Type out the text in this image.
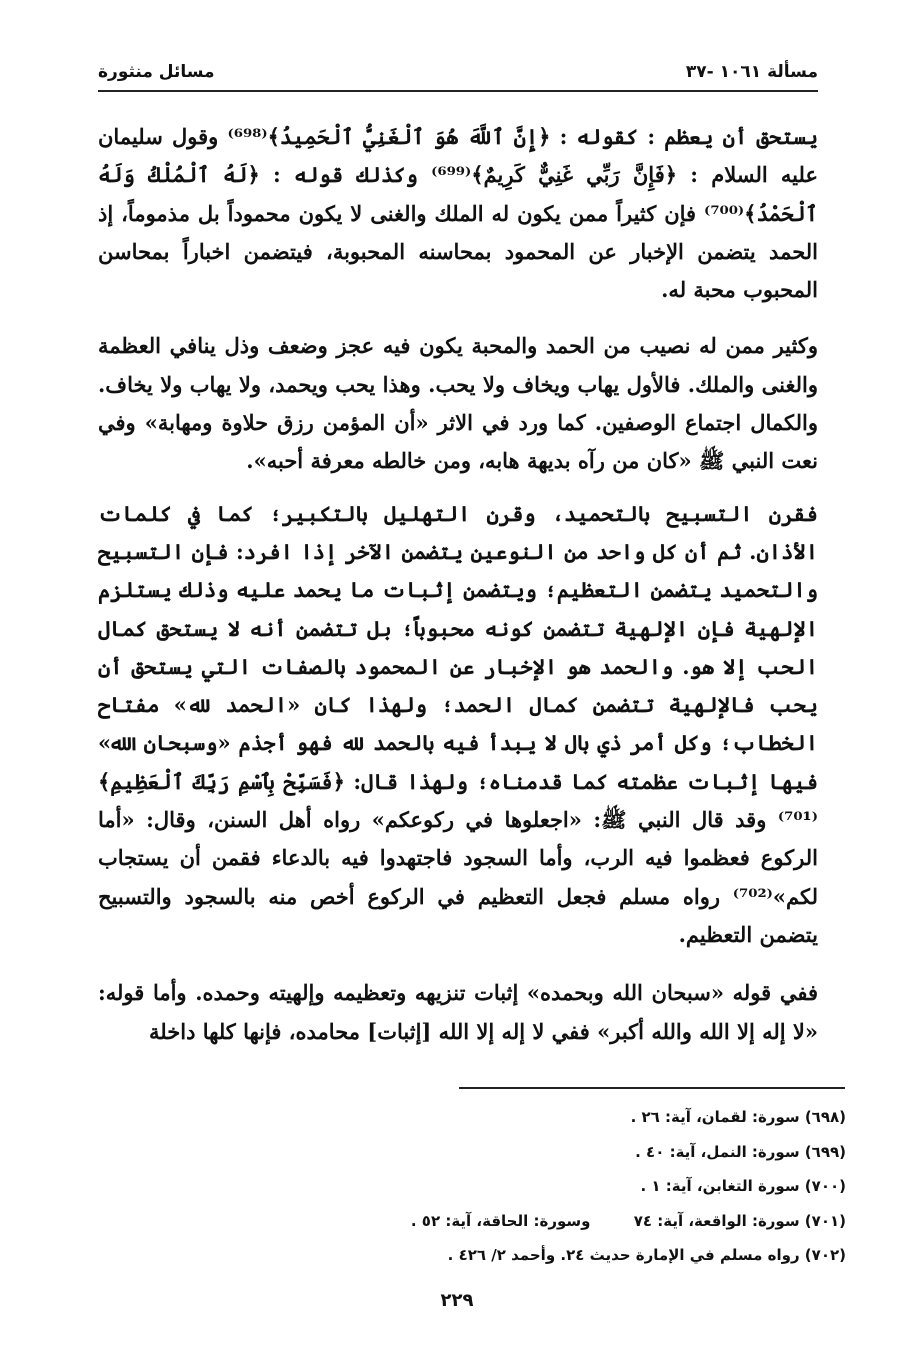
مسألة ١٠٦١ -٣٧
مسائل منثورة

يستحق أن يعظم : كقوله : ﴿إِنَّ ٱللَّهَ هُوَ ٱلْغَنِيُّ ٱلْحَمِيدُ﴾⁽⁶⁹⁸⁾ وقول سليمان عليه السلام : ﴿فَإِنَّ رَبِّي غَنِيٌّ كَرِيمٌ﴾⁽⁶⁹⁹⁾ وكذلك قوله : ﴿لَهُ ٱلْمُلْكُ وَلَهُ ٱلْحَمْدُ﴾⁽⁷⁰⁰⁾ فإن كثيراً ممن يكون له الملك والغنى لا يكون محموداً بل مذموماً، إذ الحمد يتضمن الإخبار عن المحمود بمحاسنه المحبوبة، فيتضمن اخباراً بمحاسن المحبوب محبة له.

وكثير ممن له نصيب من الحمد والمحبة يكون فيه عجز وضعف وذل ينافي العظمة والغنى والملك. فالأول يهاب ويخاف ولا يحب. وهذا يحب ويحمد، ولا يهاب ولا يخاف. والكمال اجتماع الوصفين. كما ورد في الاثر «أن المؤمن رزق حلاوة ومهابة» وفي نعت النبي ﷺ «كان من رآه بديهة هابه، ومن خالطه معرفة أحبه».

فقرن التسبيح بالتحميد، وقرن التهليل بالتكبير؛ كما في كلمات الأذان. ثم أن كل واحد من النوعين يتضمن الآخر إذا افرد: فإن التسبيح والتحميد يتضمن التعظيم؛ ويتضمن إثبات ما يحمد عليه وذلك يستلزم الإلهية فإن الإلهية تتضمن كونه محبوباً؛ بل تتضمن أنه لا يستحق كمال الحب إلا هو. والحمد هو الإخبار عن المحمود بالصفات التي يستحق أن يحب فالإلهية تتضمن كمال الحمد؛ ولهذا كان «الحمد لله» مفتاح الخطاب؛ وكل أمر ذي بال لا يبدأ فيه بالحمد لله فهو أجذم «وسبحان الله» فيها إثبات عظمته كما قدمناه؛ ولهذا قال: ﴿فَسَبِّحْ بِٱسْمِ رَبِّكَ ٱلْعَظِيمِ﴾⁽⁷⁰¹⁾ وقد قال النبي ﷺ: «اجعلوها في ركوعكم» رواه أهل السنن، وقال: «أما الركوع فعظموا فيه الرب، وأما السجود فاجتهدوا فيه بالدعاء فقمن أن يستجاب لكم»⁽⁷⁰²⁾ رواه مسلم فجعل التعظيم في الركوع أخص منه بالسجود والتسبيح يتضمن التعظيم.

ففي قوله «سبحان الله وبحمده» إثبات تنزيهه وتعظيمه وإلهيته وحمده. وأما قوله: «لا إله إلا الله والله أكبر» ففي لا إله إلا الله [إثبات] محامده، فإنها كلها داخلة

(٦٩٨) سورة: لقمان، آية: ٢٦ .
(٦٩٩) سورة: النمل، آية: ٤٠ .
(٧٠٠) سورة التغابن، آية: ١ .
(٧٠١) سورة: الواقعة، آية: ٧٤ وسورة: الحاقة، آية: ٥٢ .
(٧٠٢) رواه مسلم في الإمارة حديث ٢٤. وأحمد ٢/ ٤٢٦ .
٢٢٩
